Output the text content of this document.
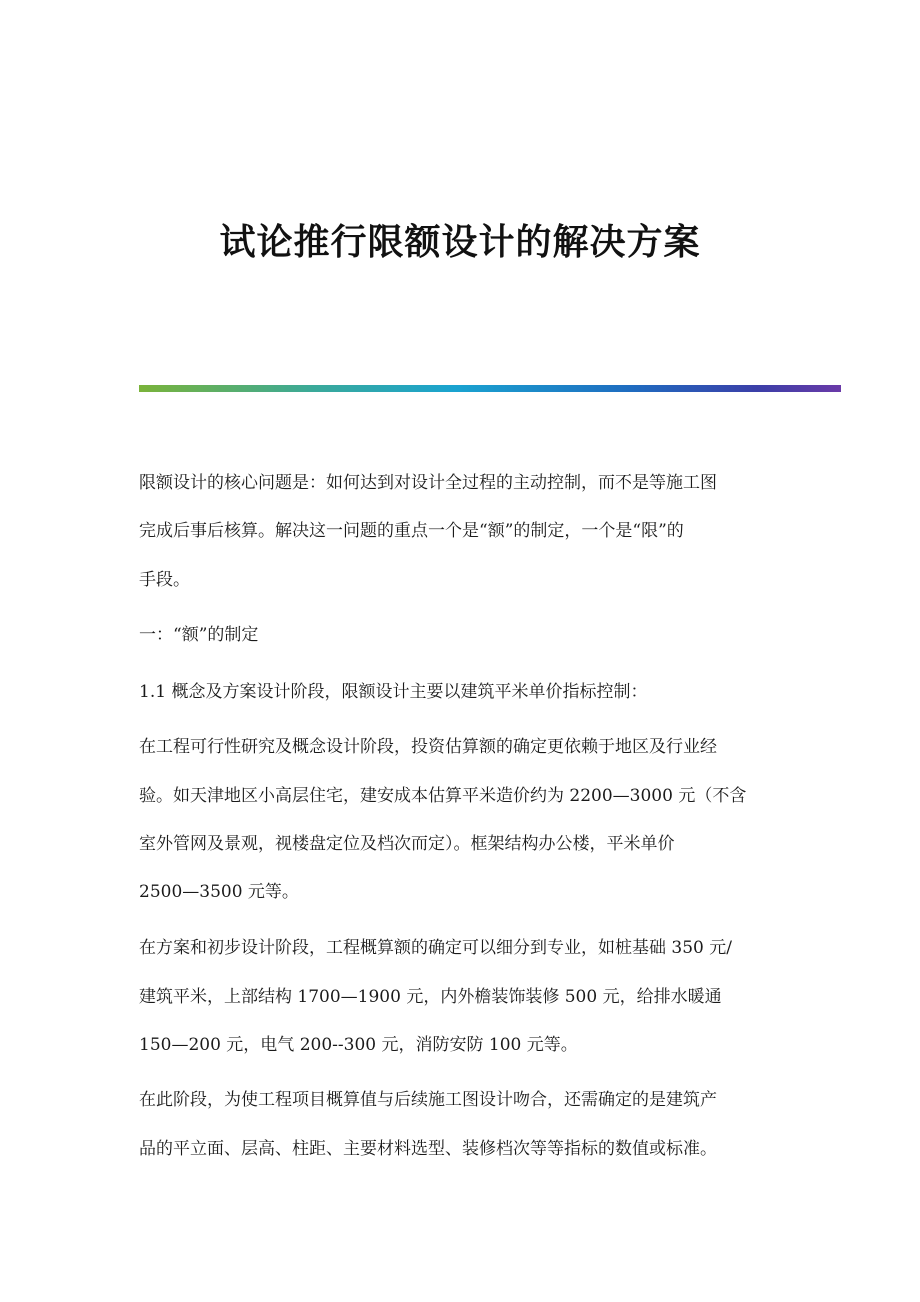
试论推行限额设计的解决方案
限额设计的核心问题是：如何达到对设计全过程的主动控制，而不是等施工图
完成后事后核算。解决这一问题的重点一个是“额”的制定，一个是“限”的
手段。
一：“额”的制定
1.1 概念及方案设计阶段，限额设计主要以建筑平米单价指标控制：
在工程可行性研究及概念设计阶段，投资估算额的确定更依赖于地区及行业经
验。如天津地区小高层住宅，建安成本估算平米造价约为 2200—3000 元（不含
室外管网及景观，视楼盘定位及档次而定）。框架结构办公楼，平米单价
2500—3500 元等。
在方案和初步设计阶段，工程概算额的确定可以细分到专业，如桩基础 350 元/
建筑平米，上部结构 1700—1900 元，内外檐装饰装修 500 元，给排水暖通
150—200 元，电气 200--300 元，消防安防 100 元等。
在此阶段，为使工程项目概算值与后续施工图设计吻合，还需确定的是建筑产
品的平立面、层高、柱距、主要材料选型、装修档次等等指标的数值或标准。
